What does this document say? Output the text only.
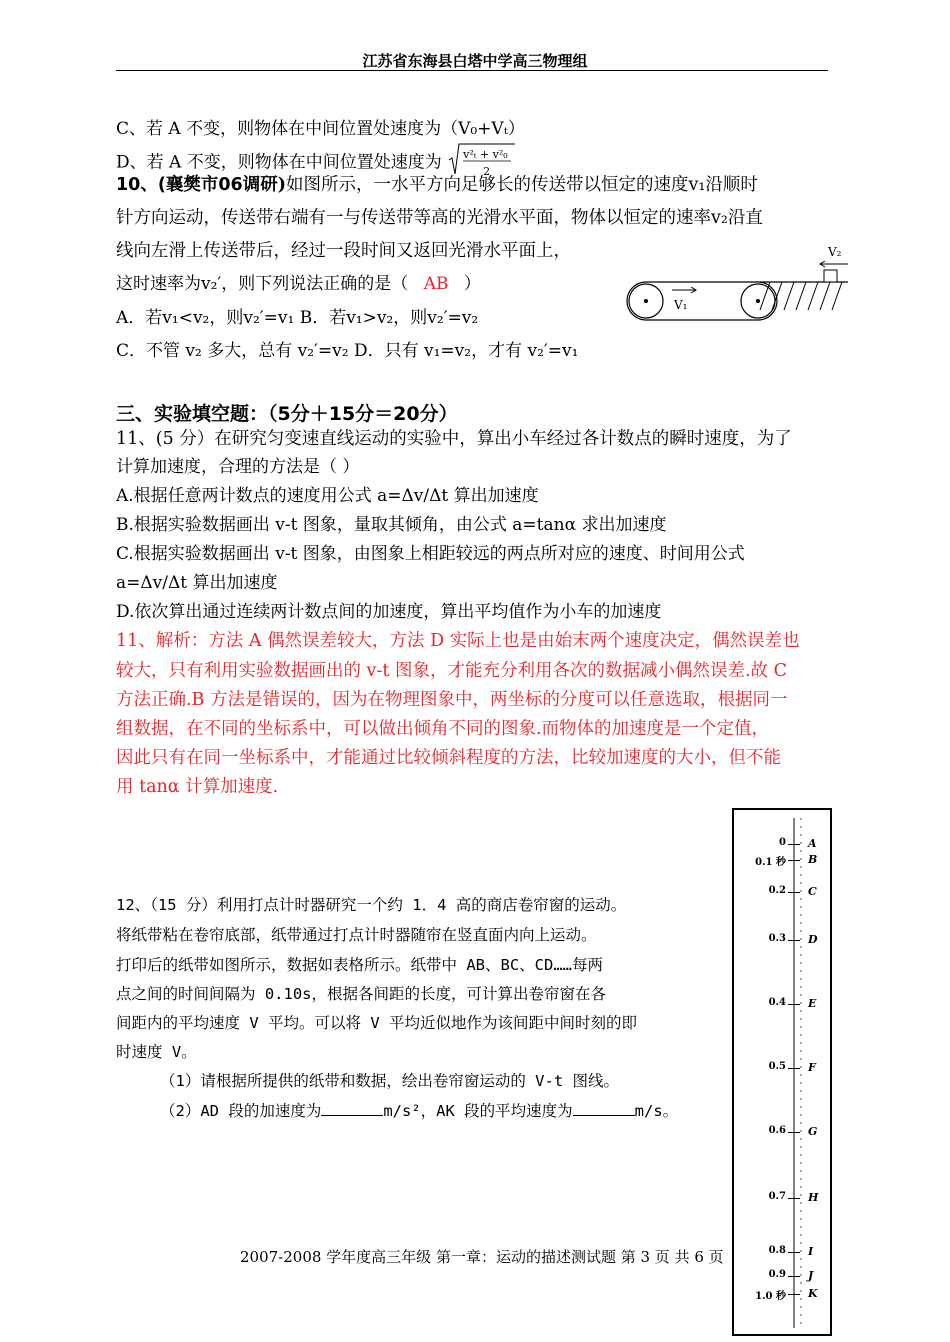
江苏省东海县白塔中学高三物理组
C、若 A 不变，则物体在中间位置处速度为（V₀+Vₜ）
D、若 A 不变，则物体在中间位置处速度为 v²ₜ + v²₀
2
10、(襄樊市06调研)如图所示，一水平方向足够长的传送带以恒定的速度v₁沿顺时
针方向运动，传送带右端有一与传送带等高的光滑水平面，物体以恒定的速率v₂沿直
线向左滑上传送带后，经过一段时间又返回光滑水平面上，
这时速率为v₂′，则下列说法正确的是（ AB ）
A．若v₁<v₂，则v₂′=v₁ B．若v₁>v₂，则v₂′=v₂
C．不管 v₂ 多大，总有 v₂′=v₂ D．只有 v₁=v₂，才有 v₂′=v₁
V₁
V₂
三、实验填空题：（5分＋15分＝20分）
11、(5 分）在研究匀变速直线运动的实验中，算出小车经过各计数点的瞬时速度，为了
计算加速度，合理的方法是（ ）
A.根据任意两计数点的速度用公式 a=Δv/Δt 算出加速度
B.根据实验数据画出 v-t 图象，量取其倾角，由公式 a=tanα 求出加速度
C.根据实验数据画出 v-t 图象，由图象上相距较远的两点所对应的速度、时间用公式
a=Δv/Δt 算出加速度
D.依次算出通过连续两计数点间的加速度，算出平均值作为小车的加速度
11、解析：方法 A 偶然误差较大，方法 D 实际上也是由始末两个速度决定，偶然误差也
较大，只有利用实验数据画出的 v-t 图象，才能充分利用各次的数据减小偶然误差.故 C
方法正确.B 方法是错误的，因为在物理图象中，两坐标的分度可以任意选取，根据同一
组数据，在不同的坐标系中，可以做出倾角不同的图象.而物体的加速度是一个定值，
因此只有在同一坐标系中，才能通过比较倾斜程度的方法，比较加速度的大小，但不能
用 tanα 计算加速度.
12、（15 分）利用打点计时器研究一个约 1．4 高的商店卷帘窗的运动。
将纸带粘在卷帘底部，纸带通过打点计时器随帘在竖直面内向上运动。
打印后的纸带如图所示，数据如表格所示。纸带中 AB、BC、CD……每两
点之间的时间间隔为 0.10s，根据各间距的长度，可计算出卷帘窗在各
间距内的平均速度 V 平均。可以将 V 平均近似地作为该间距中间时刻的即
时速度 V。
（1）请根据所提供的纸带和数据，绘出卷帘窗运动的 V-t 图线。
（2）AD 段的加速度为	m/s²，AK 段的平均速度为	m/s。
0 A
0.1 秒 B
0.2 C
0.3 D
0.4 E
0.5 F
0.6 G
0.7 H
0.8 I
0.9 J
1.0 秒 K
2007-2008 学年度高三年级 第一章：运动的描述测试题 第 3 页 共 6 页
